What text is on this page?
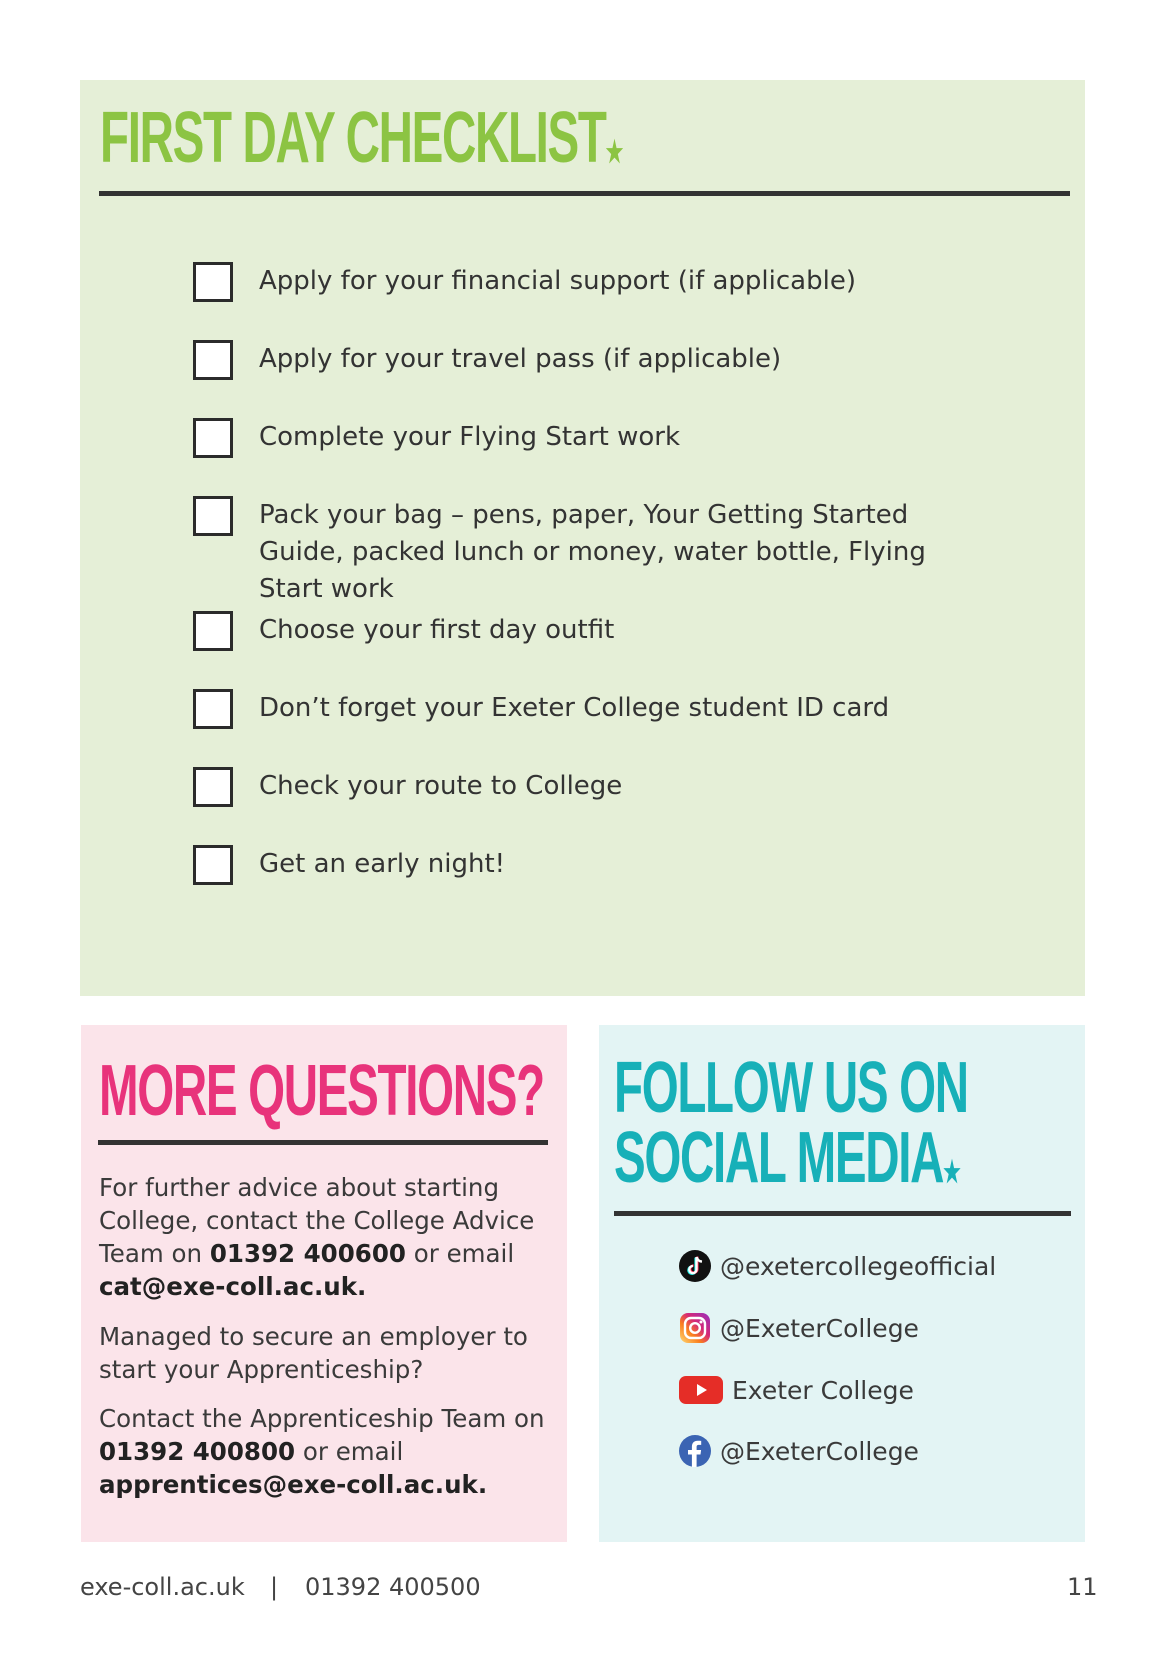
FIRST DAY CHECKLIST★
Apply for your financial support (if applicable)
Apply for your travel pass (if applicable)
Complete your Flying Start work
Pack your bag – pens, paper, Your Getting Started Guide, packed lunch or money, water bottle, Flying Start work
Choose your first day outfit
Don’t forget your Exeter College student ID card
Check your route to College
Get an early night!
MORE QUESTIONS?

For further advice about starting College, contact the College Advice Team on 01392 400600 or email cat@exe-coll.ac.uk.

Managed to secure an employer to start your Apprenticeship?

Contact the Apprenticeship Team on 01392 400800 or email apprentices@exe-coll.ac.uk.

FOLLOW US ON
SOCIAL MEDIA★
@exetercollegeofficial
@ExeterCollege
Exeter College
@ExeterCollege
exe-coll.ac.uk | 01392 400500	11
